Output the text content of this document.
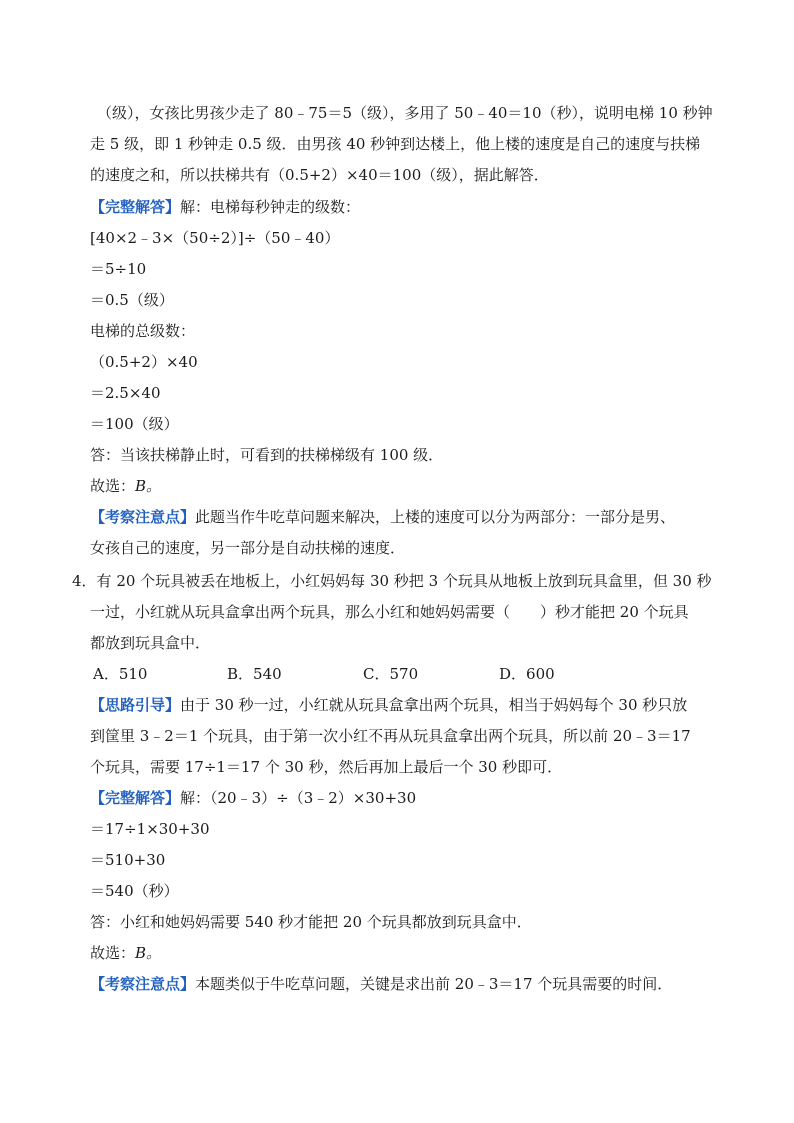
（级），女孩比男孩少走了 80﹣75＝5（级），多用了 50﹣40＝10（秒），说明电梯 10 秒钟
走 5 级，即 1 秒钟走 0.5 级．由男孩 40 秒钟到达楼上，他上楼的速度是自己的速度与扶梯
的速度之和，所以扶梯共有（0.5+2）×40＝100（级），据此解答．
【完整解答】解：电梯每秒钟走的级数：
[40×2﹣3×（50÷2）]÷（50﹣40）
＝5÷10
＝0.5（级）
电梯的总级数：
（0.5+2）×40
＝2.5×40
＝100（级）
答：当该扶梯静止时，可看到的扶梯梯级有 100 级．
故选：B。
【考察注意点】此题当作牛吃草问题来解决，上楼的速度可以分为两部分：一部分是男、
女孩自己的速度，另一部分是自动扶梯的速度．
4．有 20 个玩具被丢在地板上，小红妈妈每 30 秒把 3 个玩具从地板上放到玩具盒里，但 30 秒
一过，小红就从玩具盒拿出两个玩具，那么小红和她妈妈需要（　　）秒才能把 20 个玩具
都放到玩具盒中．
A．510	B．540	C．570	D．600
【思路引导】由于 30 秒一过，小红就从玩具盒拿出两个玩具，相当于妈妈每个 30 秒只放
到筐里 3﹣2＝1 个玩具，由于第一次小红不再从玩具盒拿出两个玩具，所以前 20﹣3＝17
个玩具，需要 17÷1＝17 个 30 秒，然后再加上最后一个 30 秒即可．
【完整解答】解：（20﹣3）÷（3﹣2）×30+30
＝17÷1×30+30
＝510+30
＝540（秒）
答：小红和她妈妈需要 540 秒才能把 20 个玩具都放到玩具盒中．
故选：B。
【考察注意点】本题类似于牛吃草问题，关键是求出前 20﹣3＝17 个玩具需要的时间．
